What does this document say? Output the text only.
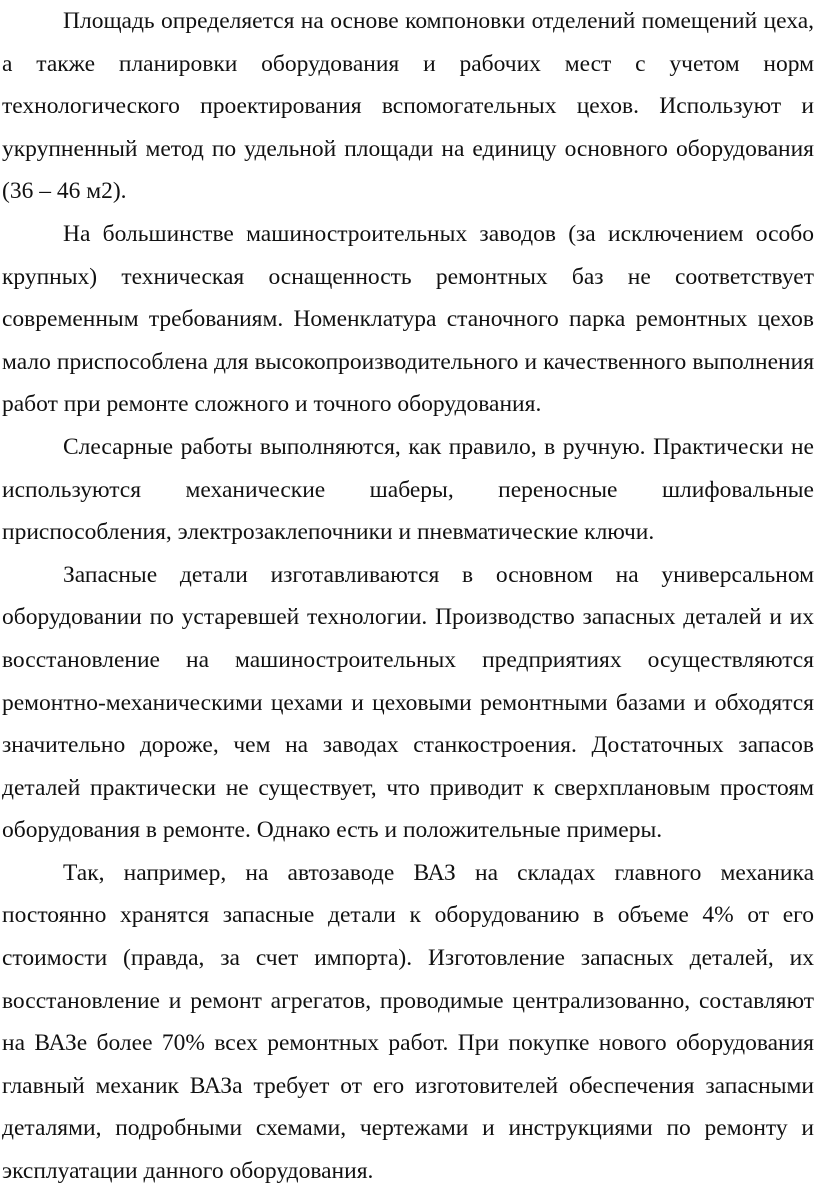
Площадь определяется на основе компоновки отделений помещений цеха, а также планировки оборудования и рабочих мест с учетом норм технологического проектирования вспомогательных цехов. Используют и укрупненный метод по удельной площади на единицу основного оборудования (36 – 46 м2).

На большинстве машиностроительных заводов (за исключением особо крупных) техническая оснащенность ремонтных баз не соответствует современным требованиям. Номенклатура станочного парка ремонтных цехов мало приспособлена для высокопроизводительного и качественного выполнения работ при ремонте сложного и точного оборудования.

Слесарные работы выполняются, как правило, в ручную. Практически не используются механические шаберы, переносные шлифовальные приспособления, электрозаклепочники и пневматические ключи.

Запасные детали изготавливаются в основном на универсальном оборудовании по устаревшей технологии. Производство запасных деталей и их восстановление на машиностроительных предприятиях осуществляются ремонтно-механическими цехами и цеховыми ремонтными базами и обходятся значительно дороже, чем на заводах станкостроения. Достаточных запасов деталей практически не существует, что приводит к сверхплановым простоям оборудования в ремонте. Однако есть и положительные примеры.

Так, например, на автозаводе ВАЗ на складах главного механика постоянно хранятся запасные детали к оборудованию в объеме 4% от его стоимости (правда, за счет импорта). Изготовление запасных деталей, их восстановление и ремонт агрегатов, проводимые централизованно, составляют на ВАЗе более 70% всех ремонтных работ. При покупке нового оборудования главный механик ВАЗа требует от его изготовителей обеспечения запасными деталями, подробными схемами, чертежами и инструкциями по ремонту и эксплуатации данного оборудования.
